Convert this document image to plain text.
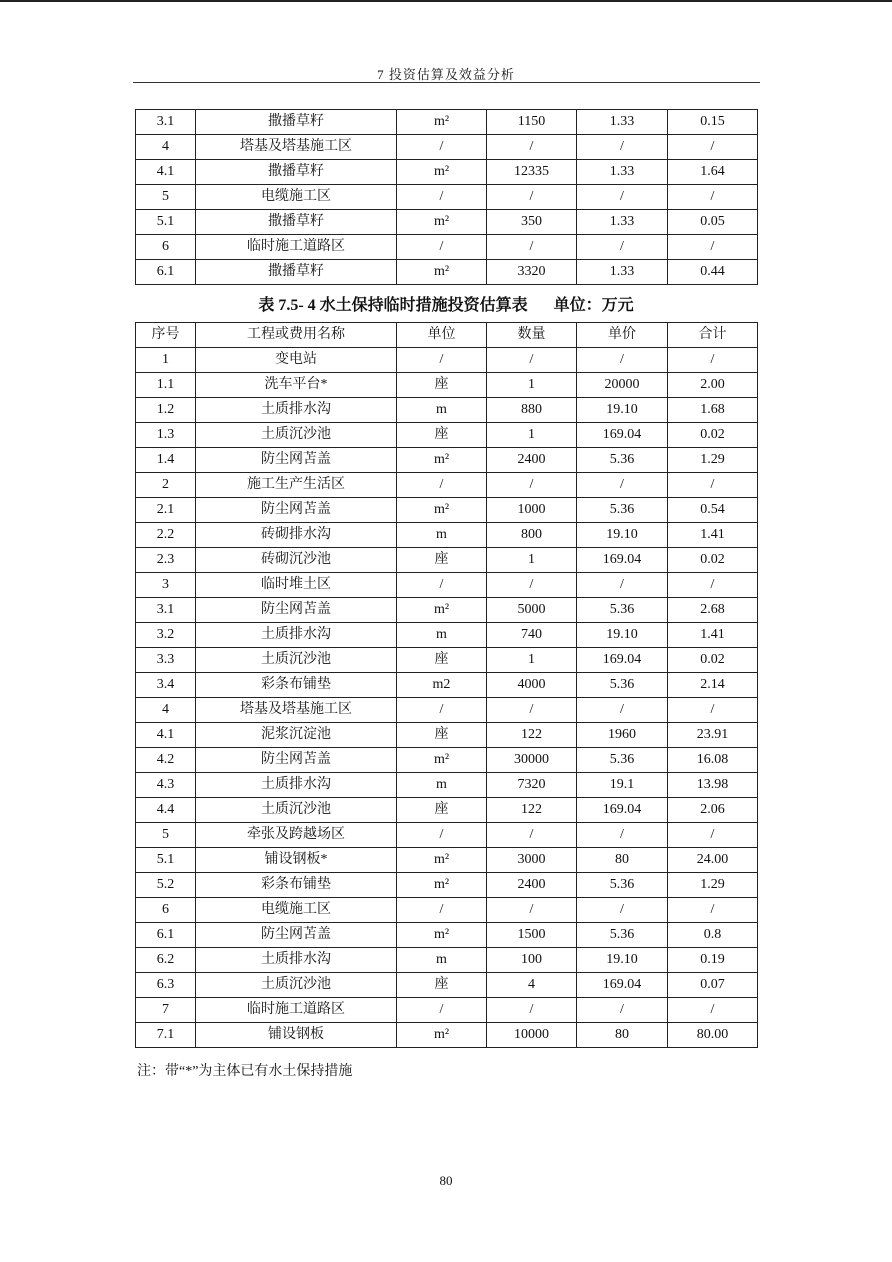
7 投资估算及效益分析
3.1	撒播草籽	m²	1150	1.33	0.15
4	塔基及塔基施工区	/	/	/	/
4.1	撒播草籽	m²	12335	1.33	1.64
5	电缆施工区	/	/	/	/
5.1	撒播草籽	m²	350	1.33	0.05
6	临时施工道路区	/	/	/	/
6.1	撒播草籽	m²	3320	1.33	0.44
表 7.5- 4 水土保持临时措施投资估算表 单位：万元
序号	工程或费用名称	单位	数量	单价	合计
1	变电站	/	/	/	/
1.1	洗车平台*	座	1	20000	2.00
1.2	土质排水沟	m	880	19.10	1.68
1.3	土质沉沙池	座	1	169.04	0.02
1.4	防尘网苫盖	m²	2400	5.36	1.29
2	施工生产生活区	/	/	/	/
2.1	防尘网苫盖	m²	1000	5.36	0.54
2.2	砖砌排水沟	m	800	19.10	1.41
2.3	砖砌沉沙池	座	1	169.04	0.02
3	临时堆土区	/	/	/	/
3.1	防尘网苫盖	m²	5000	5.36	2.68
3.2	土质排水沟	m	740	19.10	1.41
3.3	土质沉沙池	座	1	169.04	0.02
3.4	彩条布铺垫	m2	4000	5.36	2.14
4	塔基及塔基施工区	/	/	/	/
4.1	泥浆沉淀池	座	122	1960	23.91
4.2	防尘网苫盖	m²	30000	5.36	16.08
4.3	土质排水沟	m	7320	19.1	13.98
4.4	土质沉沙池	座	122	169.04	2.06
5	牵张及跨越场区	/	/	/	/
5.1	铺设钢板*	m²	3000	80	24.00
5.2	彩条布铺垫	m²	2400	5.36	1.29
6	电缆施工区	/	/	/	/
6.1	防尘网苫盖	m²	1500	5.36	0.8
6.2	土质排水沟	m	100	19.10	0.19
6.3	土质沉沙池	座	4	169.04	0.07
7	临时施工道路区	/	/	/	/
7.1	铺设钢板	m²	10000	80	80.00
注：带“*”为主体已有水土保持措施
80
